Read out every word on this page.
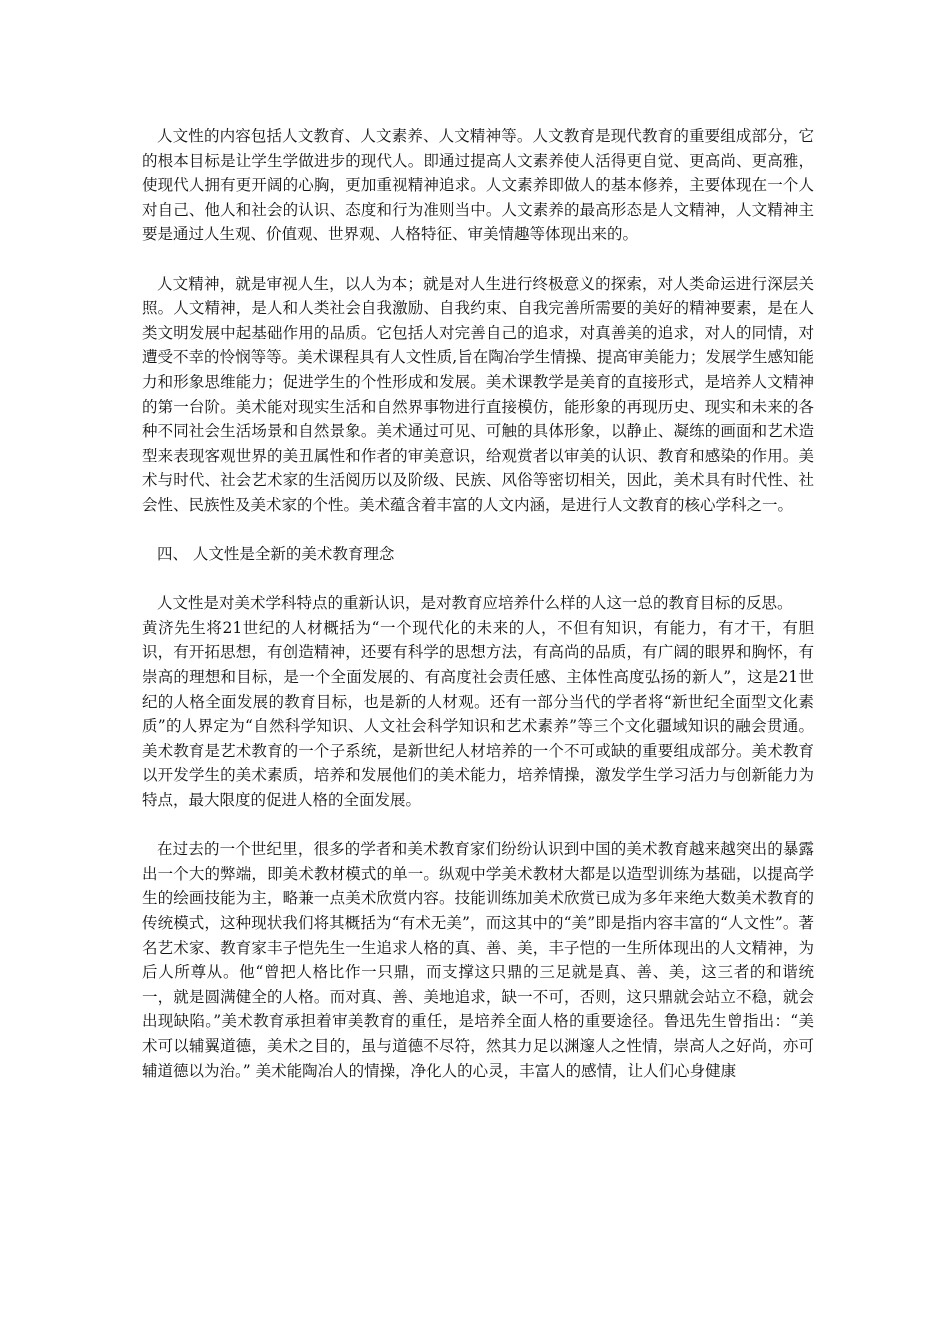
人文性的内容包括人文教育、人文素养、人文精神等。人文教育是现代教育的重要组成部分，它的根本目标是让学生学做进步的现代人。即通过提高人文素养使人活得更自觉、更高尚、更高雅，使现代人拥有更开阔的心胸，更加重视精神追求。人文素养即做人的基本修养，主要体现在一个人对自己、他人和社会的认识、态度和行为准则当中。人文素养的最高形态是人文精神，人文精神主要是通过人生观、价值观、世界观、人格特征、审美情趣等体现出来的。

人文精神，就是审视人生，以人为本；就是对人生进行终极意义的探索，对人类命运进行深层关照。人文精神，是人和人类社会自我激励、自我约束、自我完善所需要的美好的精神要素，是在人类文明发展中起基础作用的品质。它包括人对完善自己的追求，对真善美的追求，对人的同情，对遭受不幸的怜悯等等。美术课程具有人文性质,旨在陶冶学生情操、提高审美能力；发展学生感知能力和形象思维能力；促进学生的个性形成和发展。美术课教学是美育的直接形式，是培养人文精神的第一台阶。美术能对现实生活和自然界事物进行直接模仿，能形象的再现历史、现实和未来的各种不同社会生活场景和自然景象。美术通过可见、可触的具体形象，以静止、凝练的画面和艺术造型来表现客观世界的美丑属性和作者的审美意识，给观赏者以审美的认识、教育和感染的作用。美术与时代、社会艺术家的生活阅历以及阶级、民族、风俗等密切相关，因此，美术具有时代性、社会性、民族性及美术家的个性。美术蕴含着丰富的人文内涵，是进行人文教育的核心学科之一。

四、 人文性是全新的美术教育理念

人文性是对美术学科特点的重新认识，是对教育应培养什么样的人这一总的教育目标的反思。

黄济先生将21世纪的人材概括为“一个现代化的未来的人，不但有知识，有能力，有才干，有胆识，有开拓思想，有创造精神，还要有科学的思想方法，有高尚的品质，有广阔的眼界和胸怀，有崇高的理想和目标，是一个全面发展的、有高度社会责任感、主体性高度弘扬的新人”，这是21世纪的人格全面发展的教育目标，也是新的人材观。还有一部分当代的学者将“新世纪全面型文化素质”的人界定为“自然科学知识、人文社会科学知识和艺术素养”等三个文化疆域知识的融会贯通。美术教育是艺术教育的一个子系统，是新世纪人材培养的一个不可或缺的重要组成部分。美术教育以开发学生的美术素质，培养和发展他们的美术能力，培养情操，激发学生学习活力与创新能力为特点，最大限度的促进人格的全面发展。

在过去的一个世纪里，很多的学者和美术教育家们纷纷认识到中国的美术教育越来越突出的暴露出一个大的弊端，即美术教材模式的单一。纵观中学美术教材大都是以造型训练为基础，以提高学生的绘画技能为主，略兼一点美术欣赏内容。技能训练加美术欣赏已成为多年来绝大数美术教育的传统模式，这种现状我们将其概括为“有术无美”，而这其中的“美”即是指内容丰富的“人文性”。著名艺术家、教育家丰子恺先生一生追求人格的真、善、美，丰子恺的一生所体现出的人文精神，为后人所尊从。他“曾把人格比作一只鼎，而支撑这只鼎的三足就是真、善、美，这三者的和谐统一，就是圆满健全的人格。而对真、善、美地追求，缺一不可，否则，这只鼎就会站立不稳，就会出现缺陷。”美术教育承担着审美教育的重任，是培养全面人格的重要途径。鲁迅先生曾指出：“美术可以辅翼道德，美术之目的，虽与道德不尽符，然其力足以渊邃人之性情，崇高人之好尚，亦可辅道德以为治。” 美术能陶冶人的情操，净化人的心灵，丰富人的感情，让人们心身健康
